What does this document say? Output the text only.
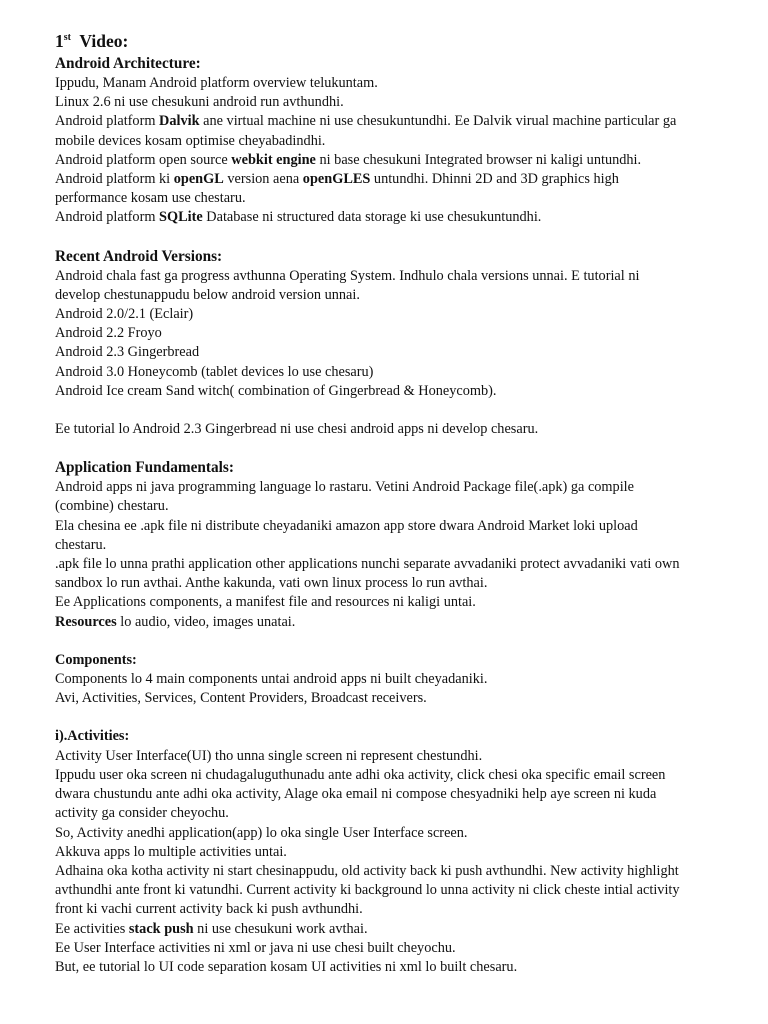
1st Video:

Android Architecture:

Ippudu, Manam Android platform overview telukuntam.

Linux 2.6 ni use chesukuni android run avthundhi.

Android platform Dalvik ane virtual machine ni use chesukuntundhi. Ee Dalvik virual machine particular ga

mobile devices kosam optimise cheyabadindhi.

Android platform open source webkit engine ni base chesukuni Integrated browser ni kaligi untundhi.

Android platform ki openGL version aena openGLES untundhi. Dhinni 2D and 3D graphics high

performance kosam use chestaru.

Android platform SQLite Database ni structured data storage ki use chesukuntundhi.

Recent Android Versions:

Android chala fast ga progress avthunna Operating System. Indhulo chala versions unnai. E tutorial ni

develop chestunappudu below android version unnai.

Android 2.0/2.1 (Eclair)

Android 2.2 Froyo

Android 2.3 Gingerbread

Android 3.0 Honeycomb (tablet devices lo use chesaru)

Android Ice cream Sand witch( combination of Gingerbread & Honeycomb).

Ee tutorial lo Android 2.3 Gingerbread ni use chesi android apps ni develop chesaru.

Application Fundamentals:

Android apps ni java programming language lo rastaru. Vetini Android Package file(.apk) ga compile

(combine) chestaru.

Ela chesina ee .apk file ni distribute cheyadaniki amazon app store dwara Android Market loki upload

chestaru.

.apk file lo unna prathi application other applications nunchi separate avvadaniki protect avvadaniki vati own

sandbox lo run avthai. Anthe kakunda, vati own linux process lo run avthai.

Ee Applications components, a manifest file and resources ni kaligi untai.

Resources lo audio, video, images unatai.

Components:

Components lo 4 main components untai android apps ni built cheyadaniki.

Avi, Activities, Services, Content Providers, Broadcast receivers.

i).Activities:

Activity User Interface(UI) tho unna single screen ni represent chestundhi.

Ippudu user oka screen ni chudagaluguthunadu ante adhi oka activity, click chesi oka specific email screen

dwara chustundu ante adhi oka activity, Alage oka email ni compose chesyadniki help aye screen ni kuda

activity ga consider cheyochu.

So, Activity anedhi application(app) lo oka single User Interface screen.

Akkuva apps lo multiple activities untai.

Adhaina oka kotha activity ni start chesinappudu, old activity back ki push avthundhi. New activity highlight

avthundhi ante front ki vatundhi. Current activity ki background lo unna activity ni click cheste intial activity

front ki vachi current activity back ki push avthundhi.

Ee activities stack push ni use chesukuni work avthai.

Ee User Interface activities ni xml or java ni use chesi built cheyochu.

But, ee tutorial lo UI code separation kosam UI activities ni xml lo built chesaru.
